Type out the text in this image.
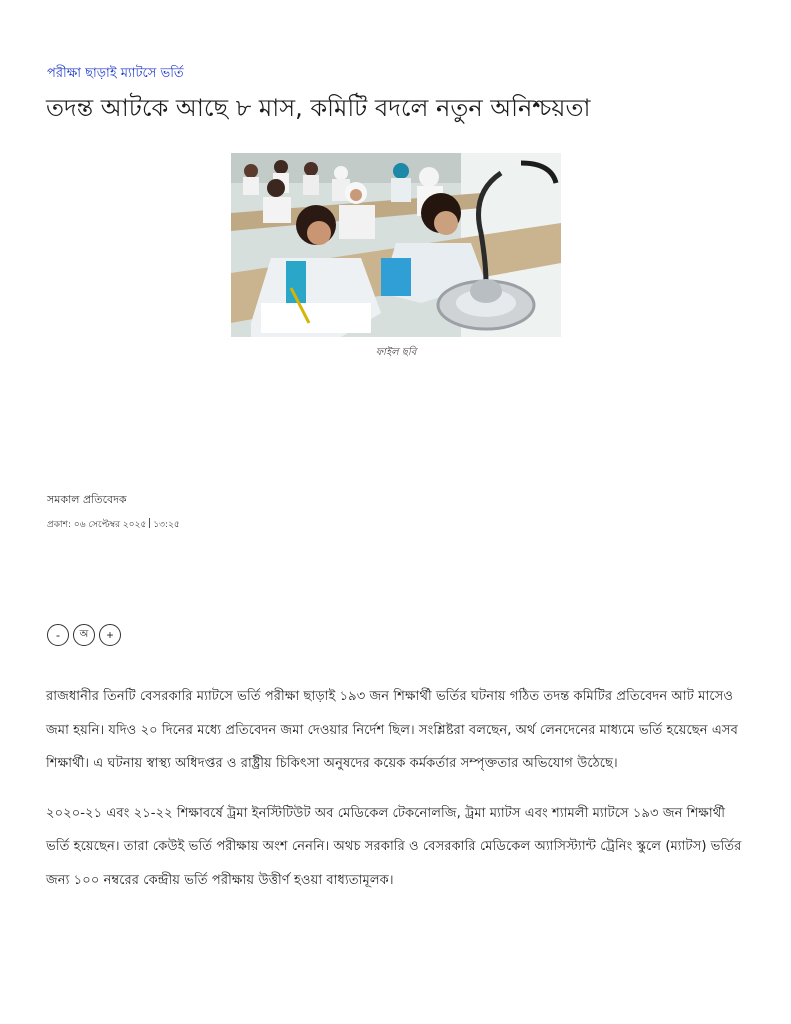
পরীক্ষা ছাড়াই ম্যাটসে ভর্তি
তদন্ত আটকে আছে ৮ মাস, কমিটি বদলে নতুন অনিশ্চয়তা
ফাইল ছবি
সমকাল প্রতিবেদক
প্রকাশ: ০৬ সেপ্টেম্বর ২০২৫ ১৩:২৫
-	অ	+

রাজধানীর তিনটি বেসরকারি ম্যাটসে ভর্তি পরীক্ষা ছাড়াই ১৯৩ জন শিক্ষার্থী ভর্তির ঘটনায় গঠিত তদন্ত কমিটির প্রতিবেদন আট মাসেও জমা হয়নি। যদিও ২০ দিনের মধ্যে প্রতিবেদন জমা দেওয়ার নির্দেশ ছিল। সংশ্লিষ্টরা বলছেন, অর্থ লেনদেনের মাধ্যমে ভর্তি হয়েছেন এসব শিক্ষার্থী। এ ঘটনায় স্বাস্থ্য অধিদপ্তর ও রাষ্ট্রীয় চিকিৎসা অনুষদের কয়েক কর্মকর্তার সম্পৃক্ততার অভিযোগ উঠেছে।

২০২০-২১ এবং ২১-২২ শিক্ষাবর্ষে ট্রমা ইনস্টিটিউট অব মেডিকেল টেকনোলজি, ট্রমা ম্যাটস এবং শ্যামলী ম্যাটসে ১৯৩ জন শিক্ষার্থী ভর্তি হয়েছেন। তারা কেউই ভর্তি পরীক্ষায় অংশ নেননি। অথচ সরকারি ও বেসরকারি মেডিকেল অ্যাসিস্ট্যান্ট ট্রেনিং স্কুলে (ম্যাটস) ভর্তির জন্য ১০০ নম্বরের কেন্দ্রীয় ভর্তি পরীক্ষায় উত্তীর্ণ হওয়া বাধ্যতামূলক।
